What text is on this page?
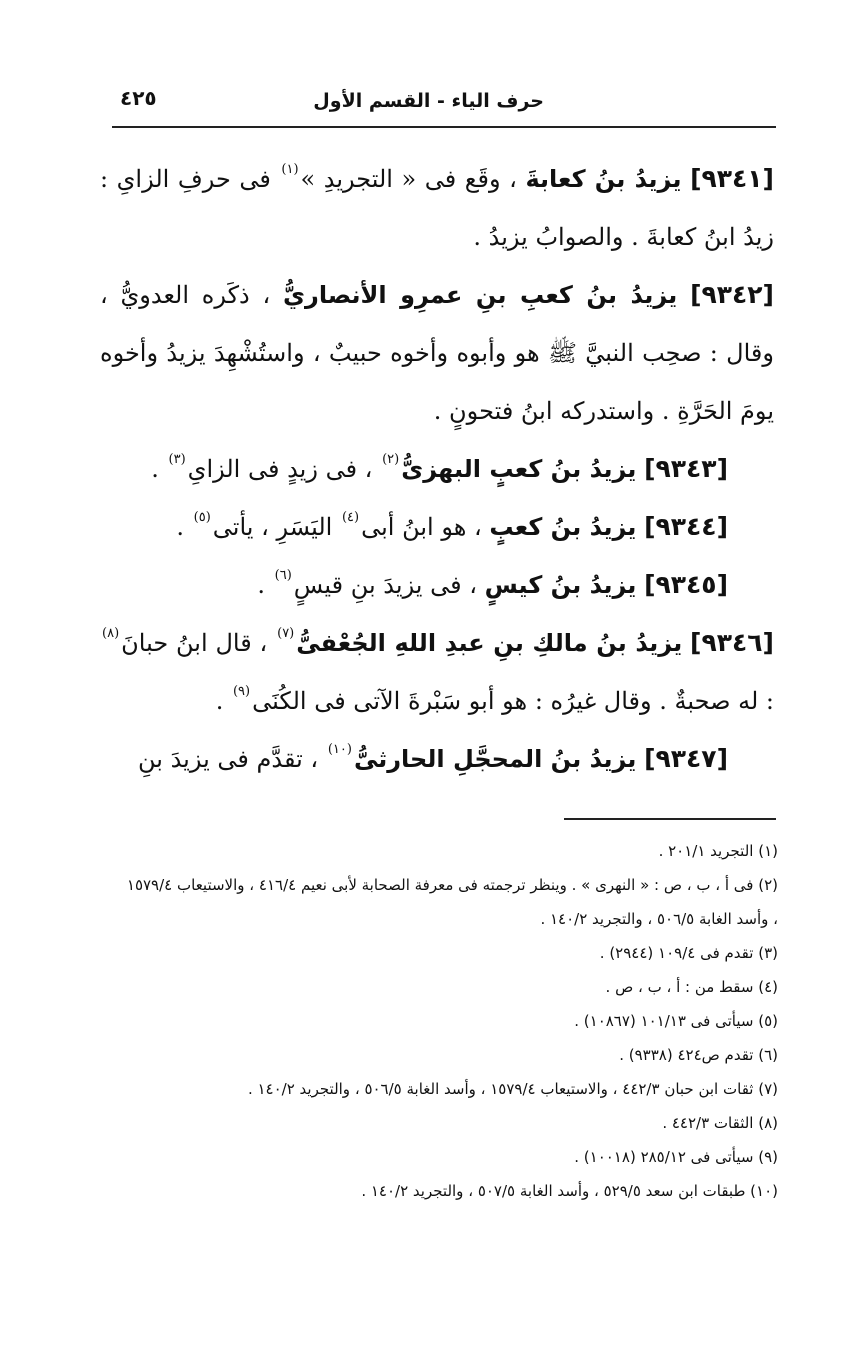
حرف الياء - القسم الأول
٤٢٥

[٩٣٤١] يزيدُ بنُ كعابةَ ، وقَع فى « التجريدِ »$^{(١)}$ فى حرفِ الزاىِ : زيدُ ابنُ كعابةَ . والصوابُ يزيدُ .

[٩٣٤٢] يزيدُ بنُ كعبِ بنِ عمرِو الأنصاريُّ ، ذكَره العدويُّ ، وقال : صحِب النبيَّ ﷺ هو وأبوه وأخوه حبيبٌ ، واستُشْهِدَ يزيدُ وأخوه يومَ الحَرَّةِ . واستدركه ابنُ فتحونٍ .

[٩٣٤٣] يزيدُ بنُ كعبٍ البهزىُّ$^{(٢)}$ ، فى زيدٍ فى الزاىِ$^{(٣)}$ .

[٩٣٤٤] يزيدُ بنُ كعبٍ ، هو ابنُ أبى$^{(٤)}$ اليَسَرِ ، يأتى$^{(٥)}$ .

[٩٣٤٥] يزيدُ بنُ كيسٍ ، فى يزيدَ بنِ قيسٍ$^{(٦)}$ .

[٩٣٤٦] يزيدُ بنُ مالكِ بنِ عبدِ اللهِ الجُعْفىُّ$^{(٧)}$ ، قال ابنُ حبانَ$^{(٨)}$ : له صحبةٌ . وقال غيرُه : هو أبو سَبْرةَ الآتى فى الكُنَى$^{(٩)}$ .

[٩٣٤٧] يزيدُ بنُ المحجَّلِ الحارثىُّ$^{(١٠)}$ ، تقدَّم فى يزيدَ بنِ

(١) التجريد ٢٠١/١ .

(٢) فى أ ، ب ، ص : « النهرى » . وينظر ترجمته فى معرفة الصحابة لأبى نعيم ٤١٦/٤ ، والاستيعاب ١٥٧٩/٤ ، وأسد الغابة ٥٠٦/٥ ، والتجريد ١٤٠/٢ .

(٣) تقدم فى ١٠٩/٤ (٢٩٤٤) .

(٤) سقط من : أ ، ب ، ص .

(٥) سيأتى فى ١٠١/١٣ (١٠٨٦٧) .

(٦) تقدم ص٤٢٤ (٩٣٣٨) .

(٧) ثقات ابن حبان ٤٤٢/٣ ، والاستيعاب ١٥٧٩/٤ ، وأسد الغابة ٥٠٦/٥ ، والتجريد ١٤٠/٢ .

(٨) الثقات ٤٤٢/٣ .

(٩) سيأتى فى ٢٨٥/١٢ (١٠٠١٨) .

(١٠) طبقات ابن سعد ٥٢٩/٥ ، وأسد الغابة ٥٠٧/٥ ، والتجريد ١٤٠/٢ .
